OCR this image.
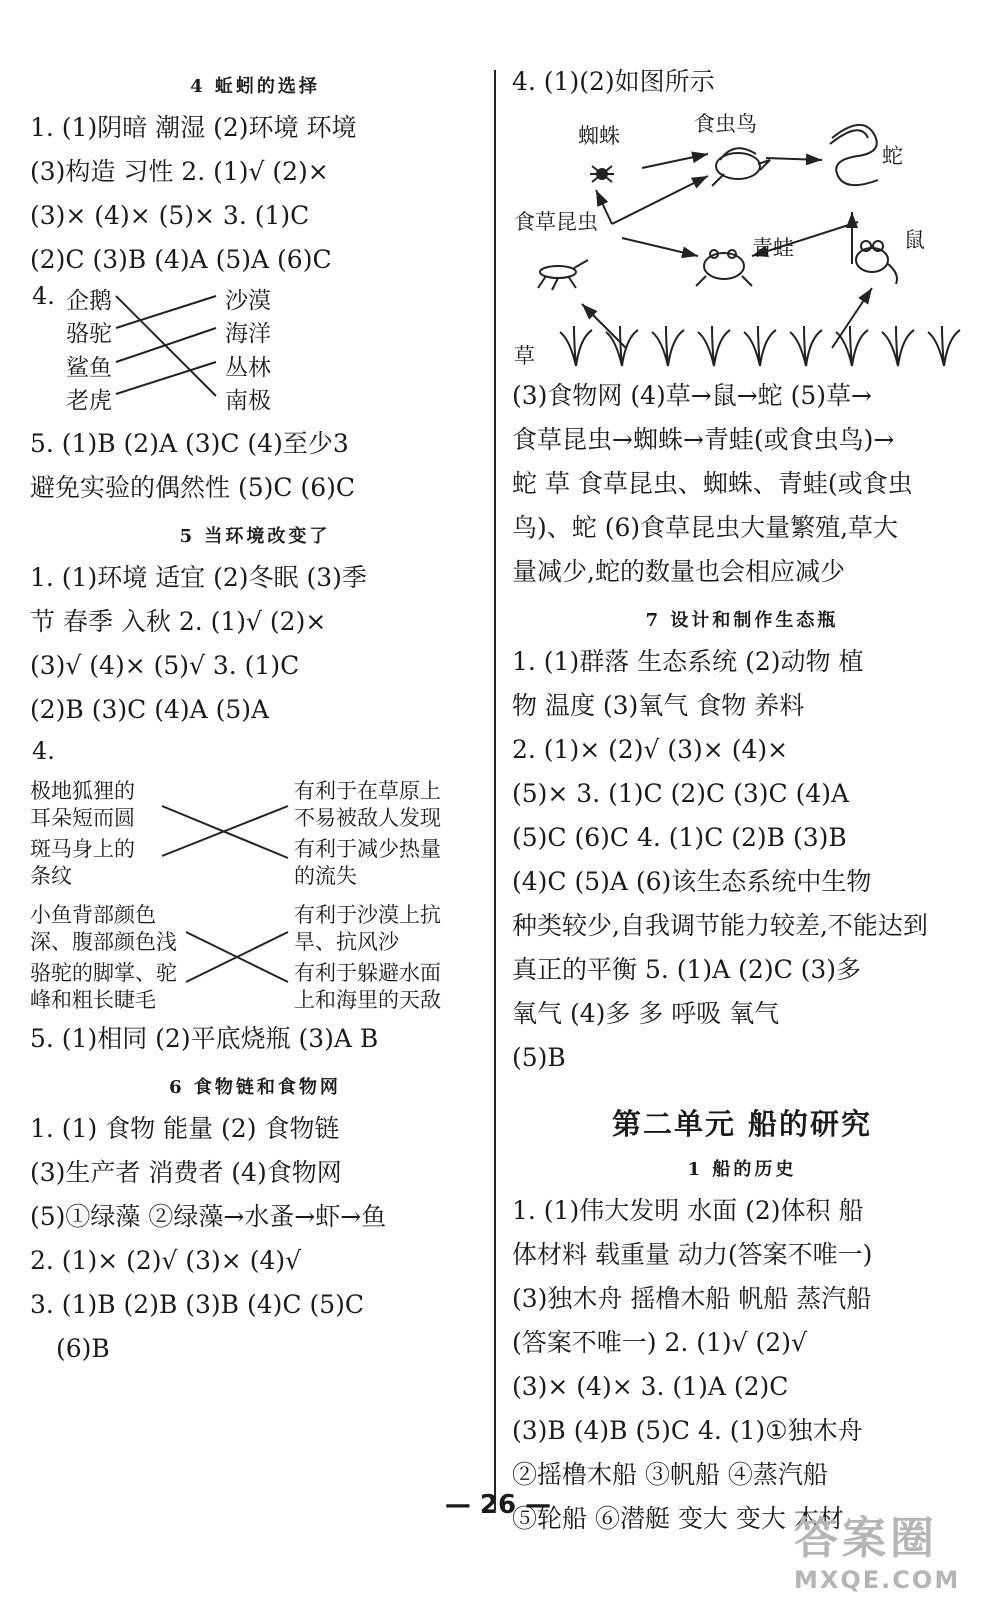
4 蚯蚓的选择
1. (1)阴暗 潮湿 (2)环境 环境
(3)构造 习性 2. (1)√ (2)×
(3)× (4)× (5)× 3. (1)C
(2)C (3)B (4)A (5)A (6)C
4. 企鹅
骆驼
鲨鱼
老虎
沙漠
海洋
丛林
南极
5. (1)B (2)A (3)C (4)至少3
避免实验的偶然性 (5)C (6)C
5 当环境改变了
1. (1)环境 适宜 (2)冬眠 (3)季
节 春季 入秋 2. (1)√ (2)×
(3)√ (4)× (5)√ 3. (1)C
(2)B (3)C (4)A (5)A
4.
极地狐狸的
耳朵短而圆
斑马身上的
条纹
小鱼背部颜色
深、腹部颜色浅
骆驼的脚掌、驼
峰和粗长睫毛
有利于在草原上
不易被敌人发现
有利于减少热量
的流失
有利于沙漠上抗
旱、抗风沙
有利于躲避水面
上和海里的天敌
5. (1)相同 (2)平底烧瓶 (3)A B
6 食物链和食物网
1. (1) 食物 能量 (2) 食物链
(3)生产者 消费者 (4)食物网
(5)①绿藻 ②绿藻→水蚤→虾→鱼
2. (1)× (2)√ (3)× (4)√
3. (1)B (2)B (3)B (4)C (5)C
(6)B
4. (1)(2)如图所示
蜘蛛	食虫鸟
蛇
食草昆虫
青蛙	鼠
草
(3)食物网 (4)草→鼠→蛇 (5)草→
食草昆虫→蜘蛛→青蛙(或食虫鸟)→
蛇 草 食草昆虫、蜘蛛、青蛙(或食虫
鸟)、蛇 (6)食草昆虫大量繁殖,草大
量减少,蛇的数量也会相应减少
7 设计和制作生态瓶
1. (1)群落 生态系统 (2)动物 植
物 温度 (3)氧气 食物 养料
2. (1)× (2)√ (3)× (4)×
(5)× 3. (1)C (2)C (3)C (4)A
(5)C (6)C 4. (1)C (2)B (3)B
(4)C (5)A (6)该生态系统中生物
种类较少,自我调节能力较差,不能达到
真正的平衡 5. (1)A (2)C (3)多
氧气 (4)多 多 呼吸 氧气
(5)B
第二单元 船的研究
1 船的历史
1. (1)伟大发明 水面 (2)体积 船
体材料 载重量 动力(答案不唯一)
(3)独木舟 摇橹木船 帆船 蒸汽船
(答案不唯一) 2. (1)√ (2)√
(3)× (4)× 3. (1)A (2)C
(3)B (4)B (5)C 4. (1)①独木舟
②摇橹木船 ③帆船 ④蒸汽船
⑤轮船 ⑥潜艇 变大 变大 木材
— 26 —
答案圈
MXQE.COM
